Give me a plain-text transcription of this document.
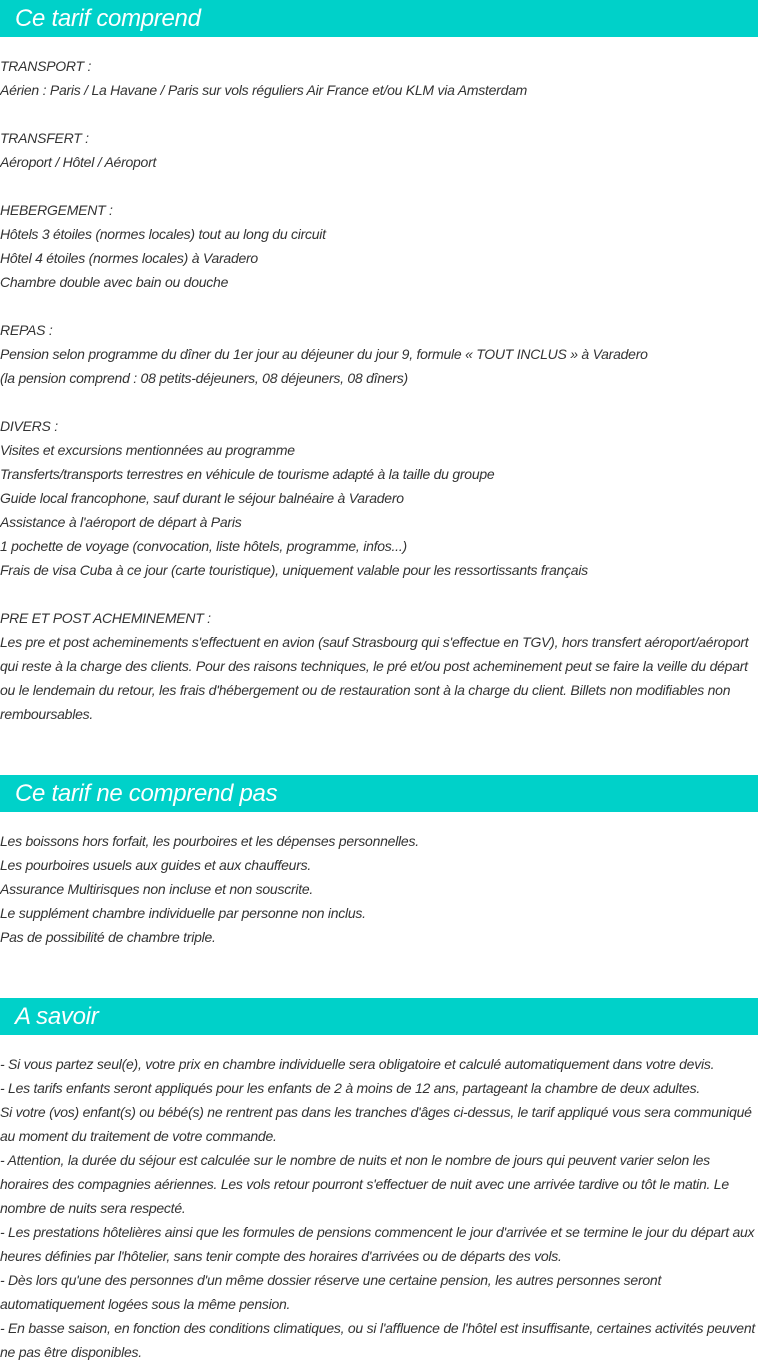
Ce tarif comprend
TRANSPORT :
Aérien : Paris / La Havane / Paris sur vols réguliers Air France et/ou KLM via Amsterdam
TRANSFERT :
Aéroport / Hôtel / Aéroport
HEBERGEMENT :
Hôtels 3 étoiles (normes locales) tout au long du circuit
Hôtel 4 étoiles (normes locales) à Varadero
Chambre double avec bain ou douche
REPAS :
Pension selon programme du dîner du 1er jour au déjeuner du jour 9, formule « TOUT INCLUS » à Varadero
(la pension comprend : 08 petits-déjeuners, 08 déjeuners, 08 dîners)
DIVERS :
Visites et excursions mentionnées au programme
Transferts/transports terrestres en véhicule de tourisme adapté à la taille du groupe
Guide local francophone, sauf durant le séjour balnéaire à Varadero
Assistance à l'aéroport de départ à Paris
1 pochette de voyage (convocation, liste hôtels, programme, infos...)
Frais de visa Cuba à ce jour (carte touristique), uniquement valable pour les ressortissants français
PRE ET POST ACHEMINEMENT :
Les pre et post acheminements s'effectuent en avion (sauf Strasbourg qui s'effectue en TGV), hors transfert aéroport/aéroport qui reste à la charge des clients. Pour des raisons techniques, le pré et/ou post acheminement peut se faire la veille du départ ou le lendemain du retour, les frais d'hébergement ou de restauration sont à la charge du client. Billets non modifiables non remboursables.
Ce tarif ne comprend pas
Les boissons hors forfait, les pourboires et les dépenses personnelles.
Les pourboires usuels aux guides et aux chauffeurs.
Assurance Multirisques non incluse et non souscrite.
Le supplément chambre individuelle par personne non inclus.
Pas de possibilité de chambre triple.
A savoir
- Si vous partez seul(e), votre prix en chambre individuelle sera obligatoire et calculé automatiquement dans votre devis.
- Les tarifs enfants seront appliqués pour les enfants de 2 à moins de 12 ans, partageant la chambre de deux adultes.
Si votre (vos) enfant(s) ou bébé(s) ne rentrent pas dans les tranches d'âges ci-dessus, le tarif appliqué vous sera communiqué au moment du traitement de votre commande.
- Attention, la durée du séjour est calculée sur le nombre de nuits et non le nombre de jours qui peuvent varier selon les horaires des compagnies aériennes. Les vols retour pourront s'effectuer de nuit avec une arrivée tardive ou tôt le matin. Le nombre de nuits sera respecté.
- Les prestations hôtelières ainsi que les formules de pensions commencent le jour d'arrivée et se termine le jour du départ aux heures définies par l'hôtelier, sans tenir compte des horaires d'arrivées ou de départs des vols.
- Dès lors qu'une des personnes d'un même dossier réserve une certaine pension, les autres personnes seront automatiquement logées sous la même pension.
- En basse saison, en fonction des conditions climatiques, ou si l'affluence de l'hôtel est insuffisante, certaines activités peuvent ne pas être disponibles.
